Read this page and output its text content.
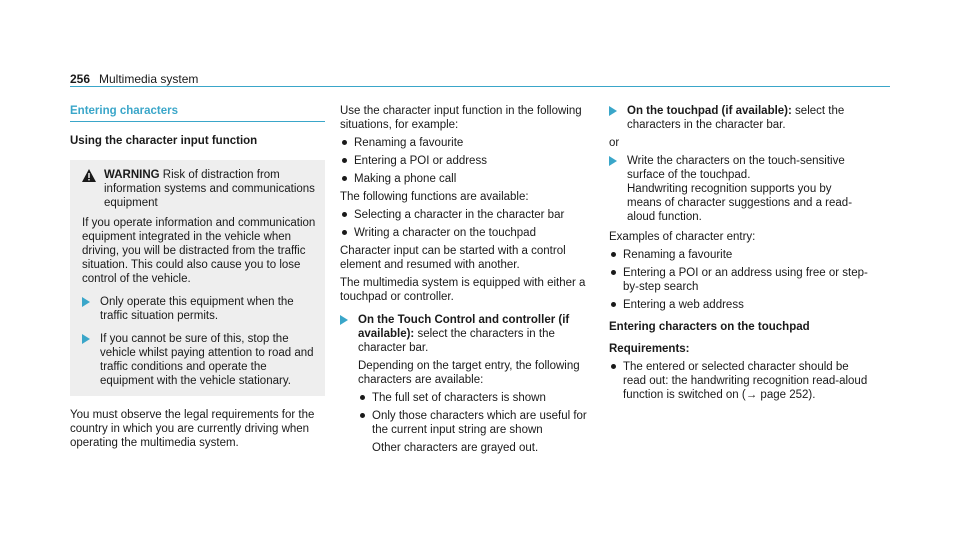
256 Multimedia system
Entering characters
Using the character input function
WARNING Risk of distraction from information systems and communications equipment
If you operate information and communication equipment integrated in the vehicle when driving, you will be distracted from the traffic situation. This could also cause you to lose control of the vehicle.
Only operate this equipment when the traffic situation permits.
If you cannot be sure of this, stop the vehicle whilst paying attention to road and traffic conditions and operate the equipment with the vehicle stationary.
You must observe the legal requirements for the country in which you are currently driving when operating the multimedia system.
Use the character input function in the following situations, for example:
Renaming a favourite
Entering a POI or address
Making a phone call
The following functions are available:
Selecting a character in the character bar
Writing a character on the touchpad
Character input can be started with a control element and resumed with another.
The multimedia system is equipped with either a touchpad or controller.
On the Touch Control and controller (if available): select the characters in the character bar.
Depending on the target entry, the following characters are available:
The full set of characters is shown
Only those characters which are useful for the current input string are shown
Other characters are grayed out.
On the touchpad (if available): select the characters in the character bar.
or
Write the characters on the touch-sensitive surface of the touchpad.
Handwriting recognition supports you by means of character suggestions and a read-aloud function.
Examples of character entry:
Renaming a favourite
Entering a POI or an address using free or step-by-step search
Entering a web address
Entering characters on the touchpad
Requirements:
The entered or selected character should be read out: the handwriting recognition read-aloud function is switched on (→ page 252).
